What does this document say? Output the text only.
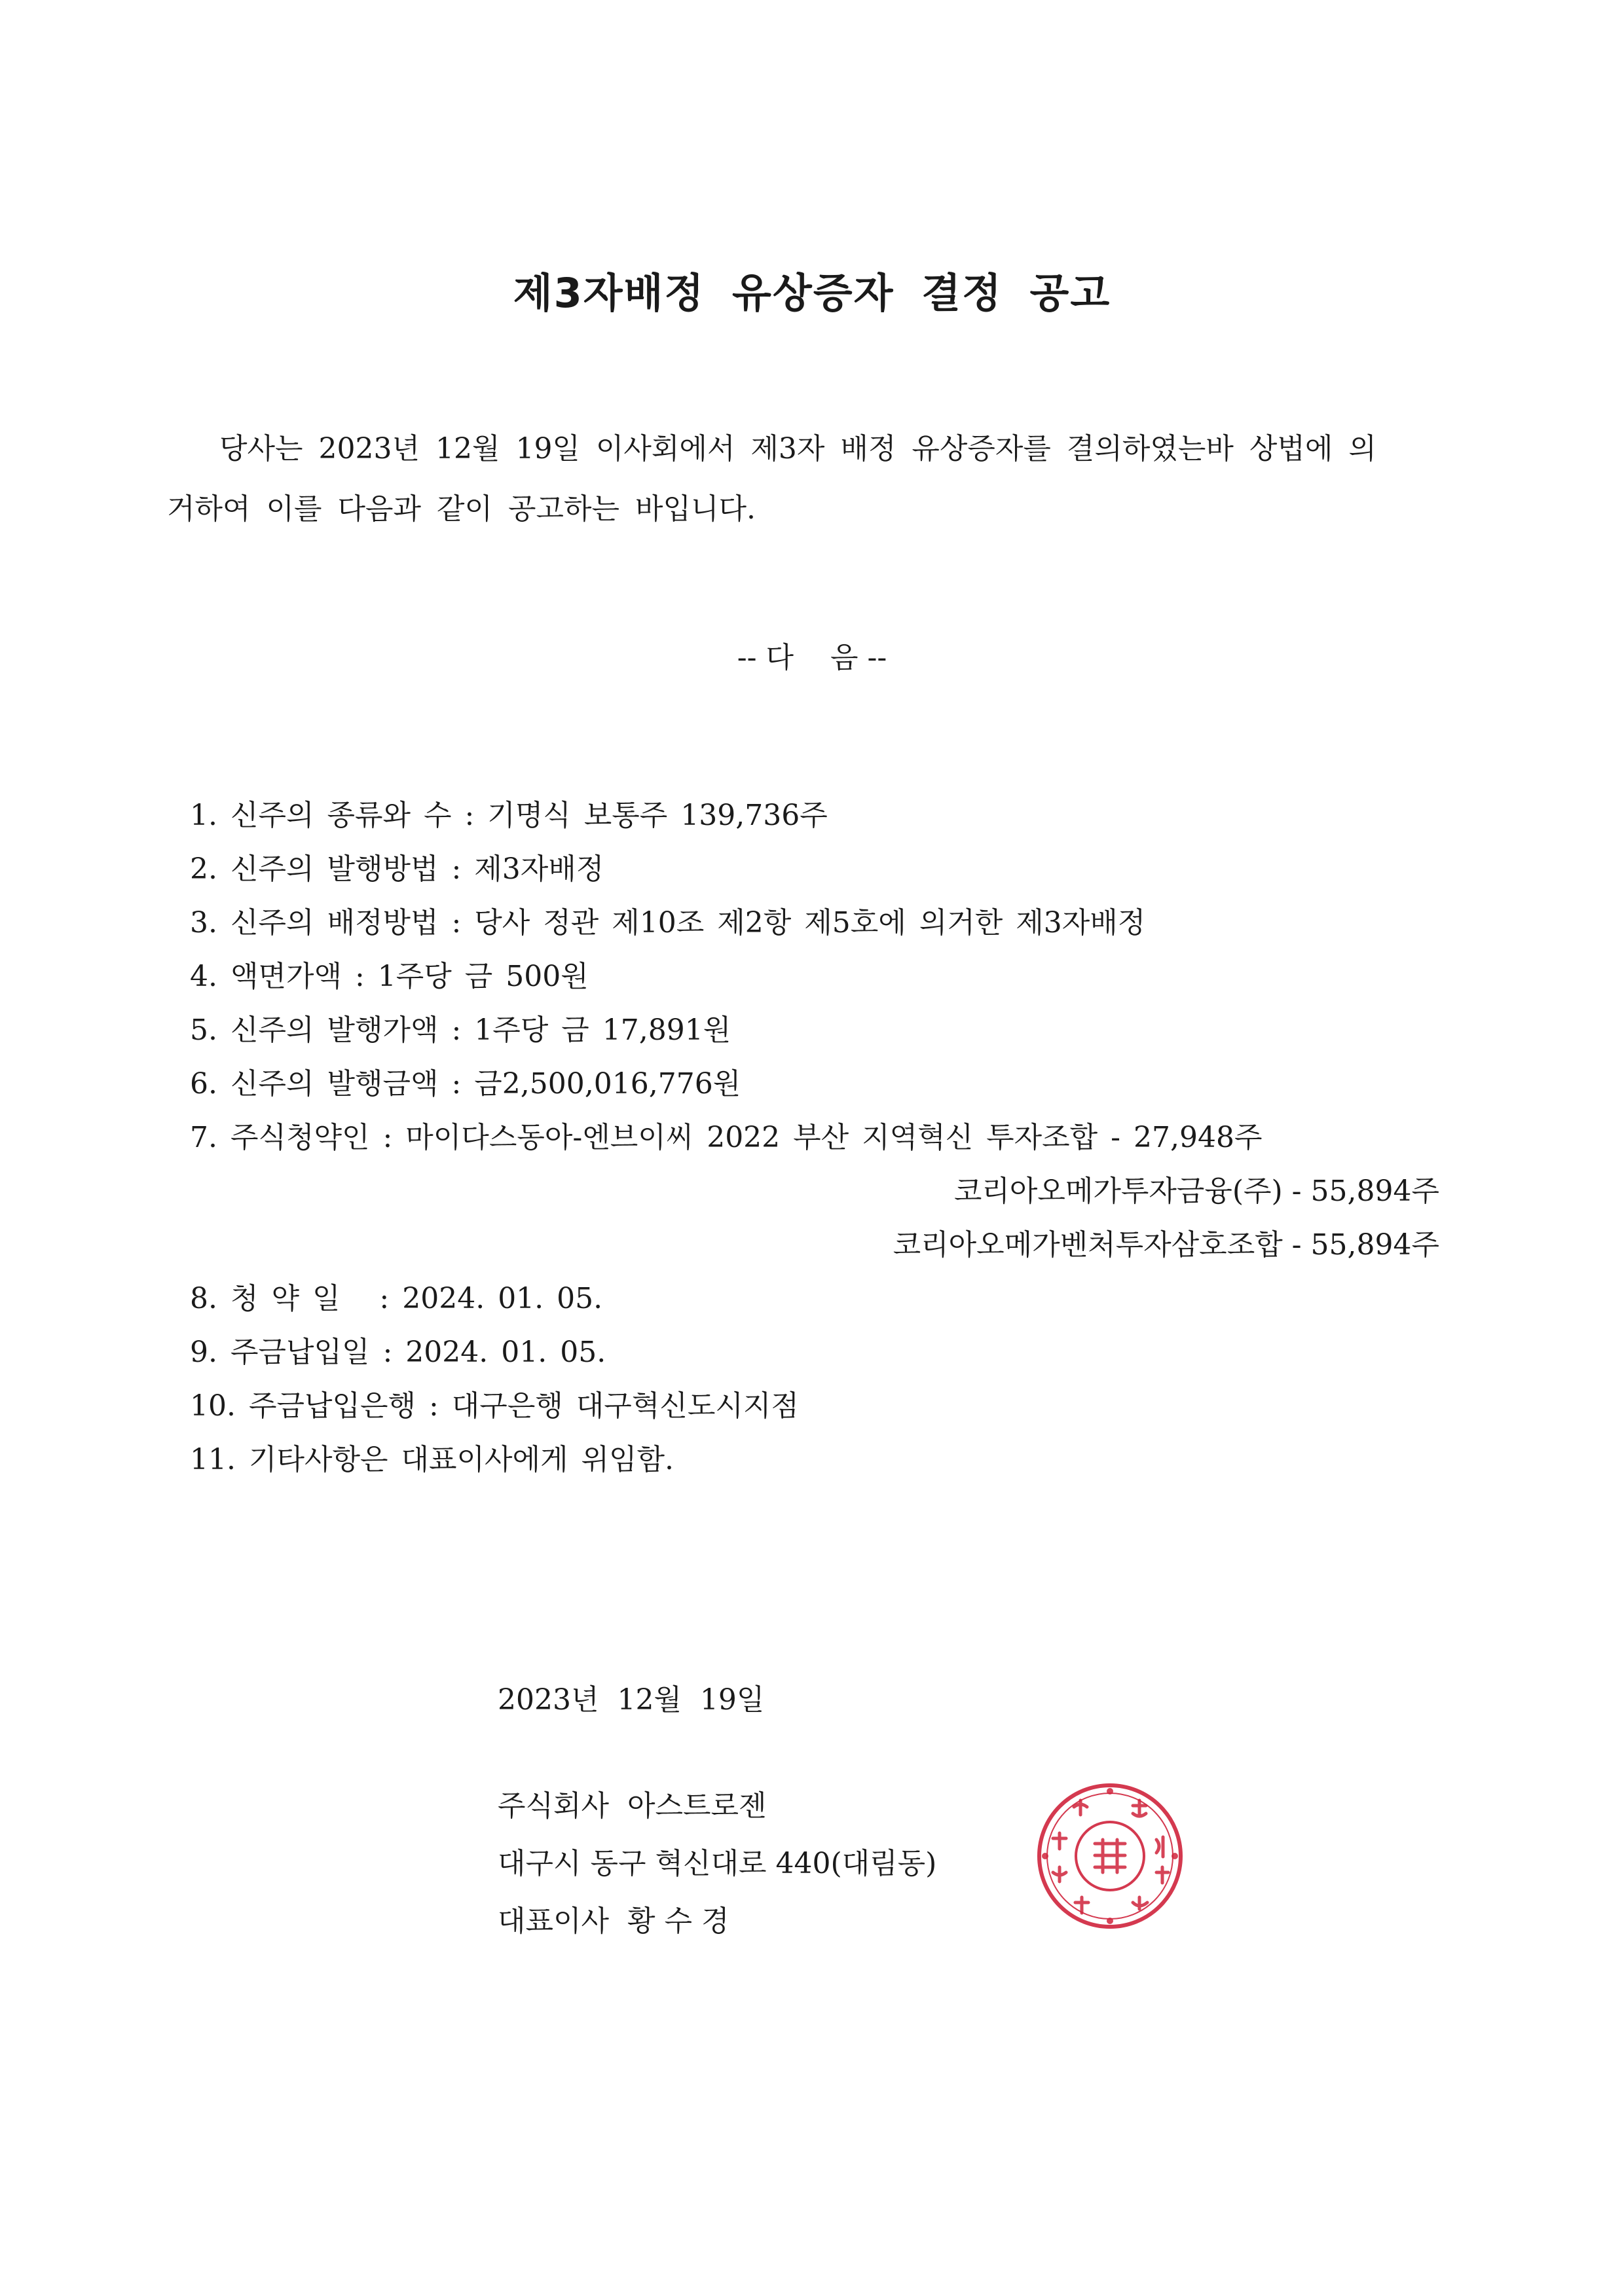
제3자배정 유상증자 결정 공고
당사는 2023년 12월 19일 이사회에서 제3자 배정 유상증자를 결의하였는바 상법에 의
거하여 이를 다음과 같이 공고하는 바입니다.
-- 다    음 --
1. 신주의 종류와 수 : 기명식 보통주 139,736주
2. 신주의 발행방법 : 제3자배정
3. 신주의 배정방법 : 당사 정관 제10조 제2항 제5호에 의거한 제3자배정
4. 액면가액 : 1주당 금 500원
5. 신주의 발행가액 : 1주당 금 17,891원
6. 신주의 발행금액 : 금2,500,016,776원
7. 주식청약인 : 마이다스동아-엔브이씨 2022 부산 지역혁신 투자조합 - 27,948주
코리아오메가투자금융(주) - 55,894주
코리아오메가벤처투자삼호조합 - 55,894주
8. 청 약 일   : 2024. 01. 05.
9. 주금납입일 : 2024. 01. 05.
10. 주금납입은행 : 대구은행 대구혁신도시지점
11. 기타사항은 대표이사에게 위임함.
2023년  12월  19일
주식회사  아스트로젠
대구시 동구 혁신대로 440(대림동)
대표이사  황 수 경
